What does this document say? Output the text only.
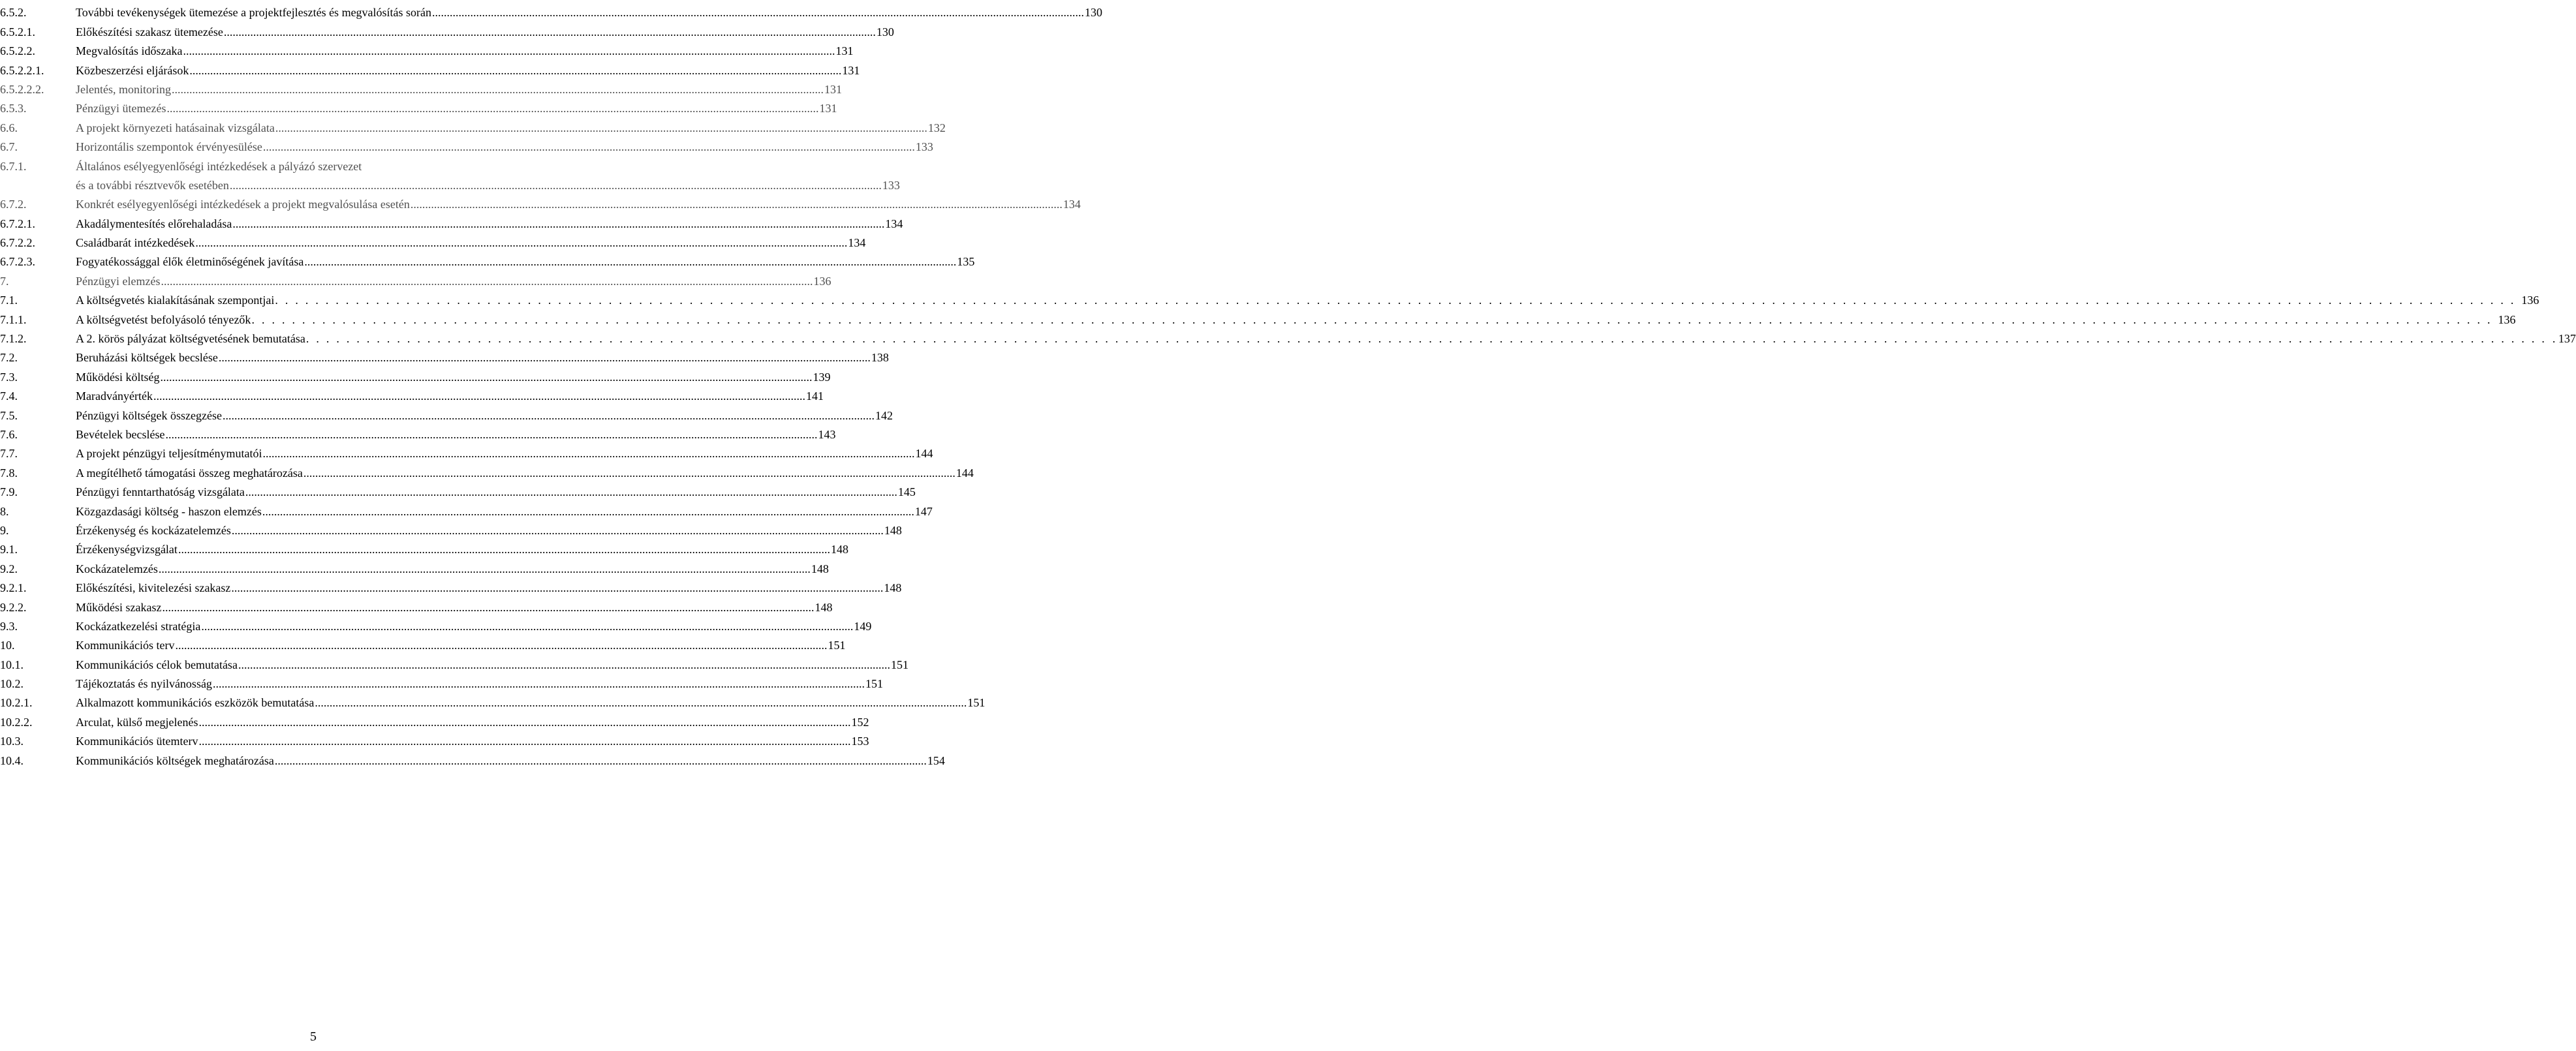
6.5.2.	További tevékenységek ütemezése a projektfejlesztés és megvalósítás során .....	130
6.5.2.1.	Előkészítési szakasz ütemezése .....	130
6.5.2.2.	Megvalósítás időszaka .....	131
6.5.2.2.1.	Közbeszerzési eljárások .....	131
6.5.2.2.2.	Jelentés, monitoring .....	131
6.5.3.	Pénzügyi ütemezés .....	131
6.6.	A projekt környezeti hatásainak vizsgálata .....	132
6.7.	Horizontális szempontok érvényesülése .....	133
6.7.1.	Általános esélyegyenlőségi intézkedések a pályázó szervezet
és a további résztvevők esetében .....	133
6.7.2.	Konkrét esélyegyenlőségi intézkedések a projekt megvalósulása esetén .....	134
6.7.2.1.	Akadálymentesítés előrehaladása .....	134
6.7.2.2.	Családbarát intézkedések .....	134
6.7.2.3.	Fogyatékossággal élők életminőségének javítása .....	135
7.	Pénzügyi elemzés .....	136
7.1.	A költségvetés kialakításának szempontjai .....	136
7.1.1.	A költségvetést befolyásoló tényezők .....	136
7.1.2.	A 2. körös pályázat költségvetésének bemutatása .....	. 137
7.2.	Beruházási költségek becslése .....	138
7.3.	Működési költség .....	139
7.4.	Maradványérték .....	141
7.5.	Pénzügyi költségek összegzése .....	142
7.6.	Bevételek becslése .....	143
7.7.	A projekt pénzügyi teljesítménymutatói .....	144
7.8.	A megítélhető támogatási összeg meghatározása .....	144
7.9.	Pénzügyi fenntarthatóság vizsgálata .....	145
8.	Közgazdasági költség - haszon elemzés .....	147
9.	Érzékenység és kockázatelemzés .....	148
9.1.	Érzékenységvizsgálat .....	148
9.2.	Kockázatelemzés .....	148
9.2.1.	Előkészítési, kivitelezési szakasz .....	148
9.2.2.	Működési szakasz .....	148
9.3.	Kockázatkezelési stratégia .....	149
10.	Kommunikációs terv .....	151
10.1.	Kommunikációs célok bemutatása .....	151
10.2.	Tájékoztatás és nyilvánosság .....	151
10.2.1.	Alkalmazott kommunikációs eszközök bemutatása .....	151
10.2.2.	Arculat, külső megjelenés .....	152
10.3.	Kommunikációs ütemterv .....	153
10.4.	Kommunikációs költségek meghatározása .....	154
5
